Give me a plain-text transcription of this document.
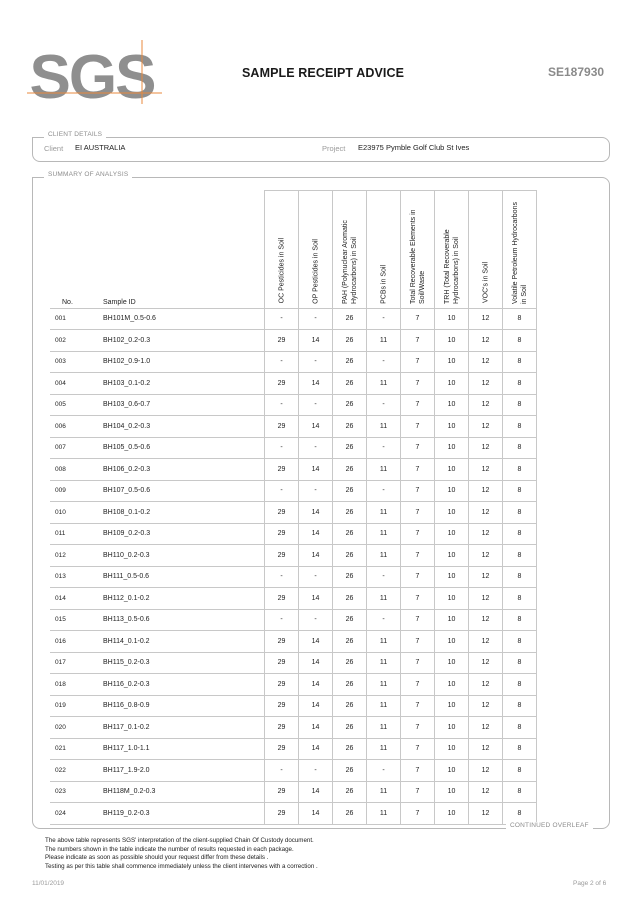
SGS	SAMPLE RECEIPT ADVICE	SE187930
CLIENT DETAILS
Client EI AUSTRALIA	Project E23975 Pymble Golf Club St Ives
SUMMARY OF ANALYSIS
No.	Sample ID	OC Pesticides in Soil	OP Pesticides in Soil	PAH (Polynuclear Aromatic Hydrocarbons) in Soil	PCBs in Soil	Total Recoverable Elements in Soil/Waste	TRH (Total Recoverable Hydrocarbons) in Soil	VOC's in Soil	Volatile Petroleum Hydrocarbons in Soil

001	BH101M_0.5-0.6	-	-	26	-	7	10	12	8
002	BH102_0.2-0.3	29	14	26	11	7	10	12	8
003	BH102_0.9-1.0	-	-	26	-	7	10	12	8
004	BH103_0.1-0.2	29	14	26	11	7	10	12	8
005	BH103_0.6-0.7	-	-	26	-	7	10	12	8
006	BH104_0.2-0.3	29	14	26	11	7	10	12	8
007	BH105_0.5-0.6	-	-	26	-	7	10	12	8
008	BH106_0.2-0.3	29	14	26	11	7	10	12	8
009	BH107_0.5-0.6	-	-	26	-	7	10	12	8
010	BH108_0.1-0.2	29	14	26	11	7	10	12	8
011	BH109_0.2-0.3	29	14	26	11	7	10	12	8
012	BH110_0.2-0.3	29	14	26	11	7	10	12	8
013	BH111_0.5-0.6	-	-	26	-	7	10	12	8
014	BH112_0.1-0.2	29	14	26	11	7	10	12	8
015	BH113_0.5-0.6	-	-	26	-	7	10	12	8
016	BH114_0.1-0.2	29	14	26	11	7	10	12	8
017	BH115_0.2-0.3	29	14	26	11	7	10	12	8
018	BH116_0.2-0.3	29	14	26	11	7	10	12	8
019	BH116_0.8-0.9	29	14	26	11	7	10	12	8
020	BH117_0.1-0.2	29	14	26	11	7	10	12	8
021	BH117_1.0-1.1	29	14	26	11	7	10	12	8
022	BH117_1.9-2.0	-	-	26	-	7	10	12	8
023	BH118M_0.2-0.3	29	14	26	11	7	10	12	8
024	BH119_0.2-0.3	29	14	26	11	7	10	12	8
CONTINUED OVERLEAF
The above table represents SGS' interpretation of the client-supplied Chain Of Custody document.
The numbers shown in the table indicate the number of results requested in each package.
Please indicate as soon as possible should your request differ from these details .
Testing as per this table shall commence immediately unless the client intervenes with a correction .
11/01/2019	Page 2 of 6
